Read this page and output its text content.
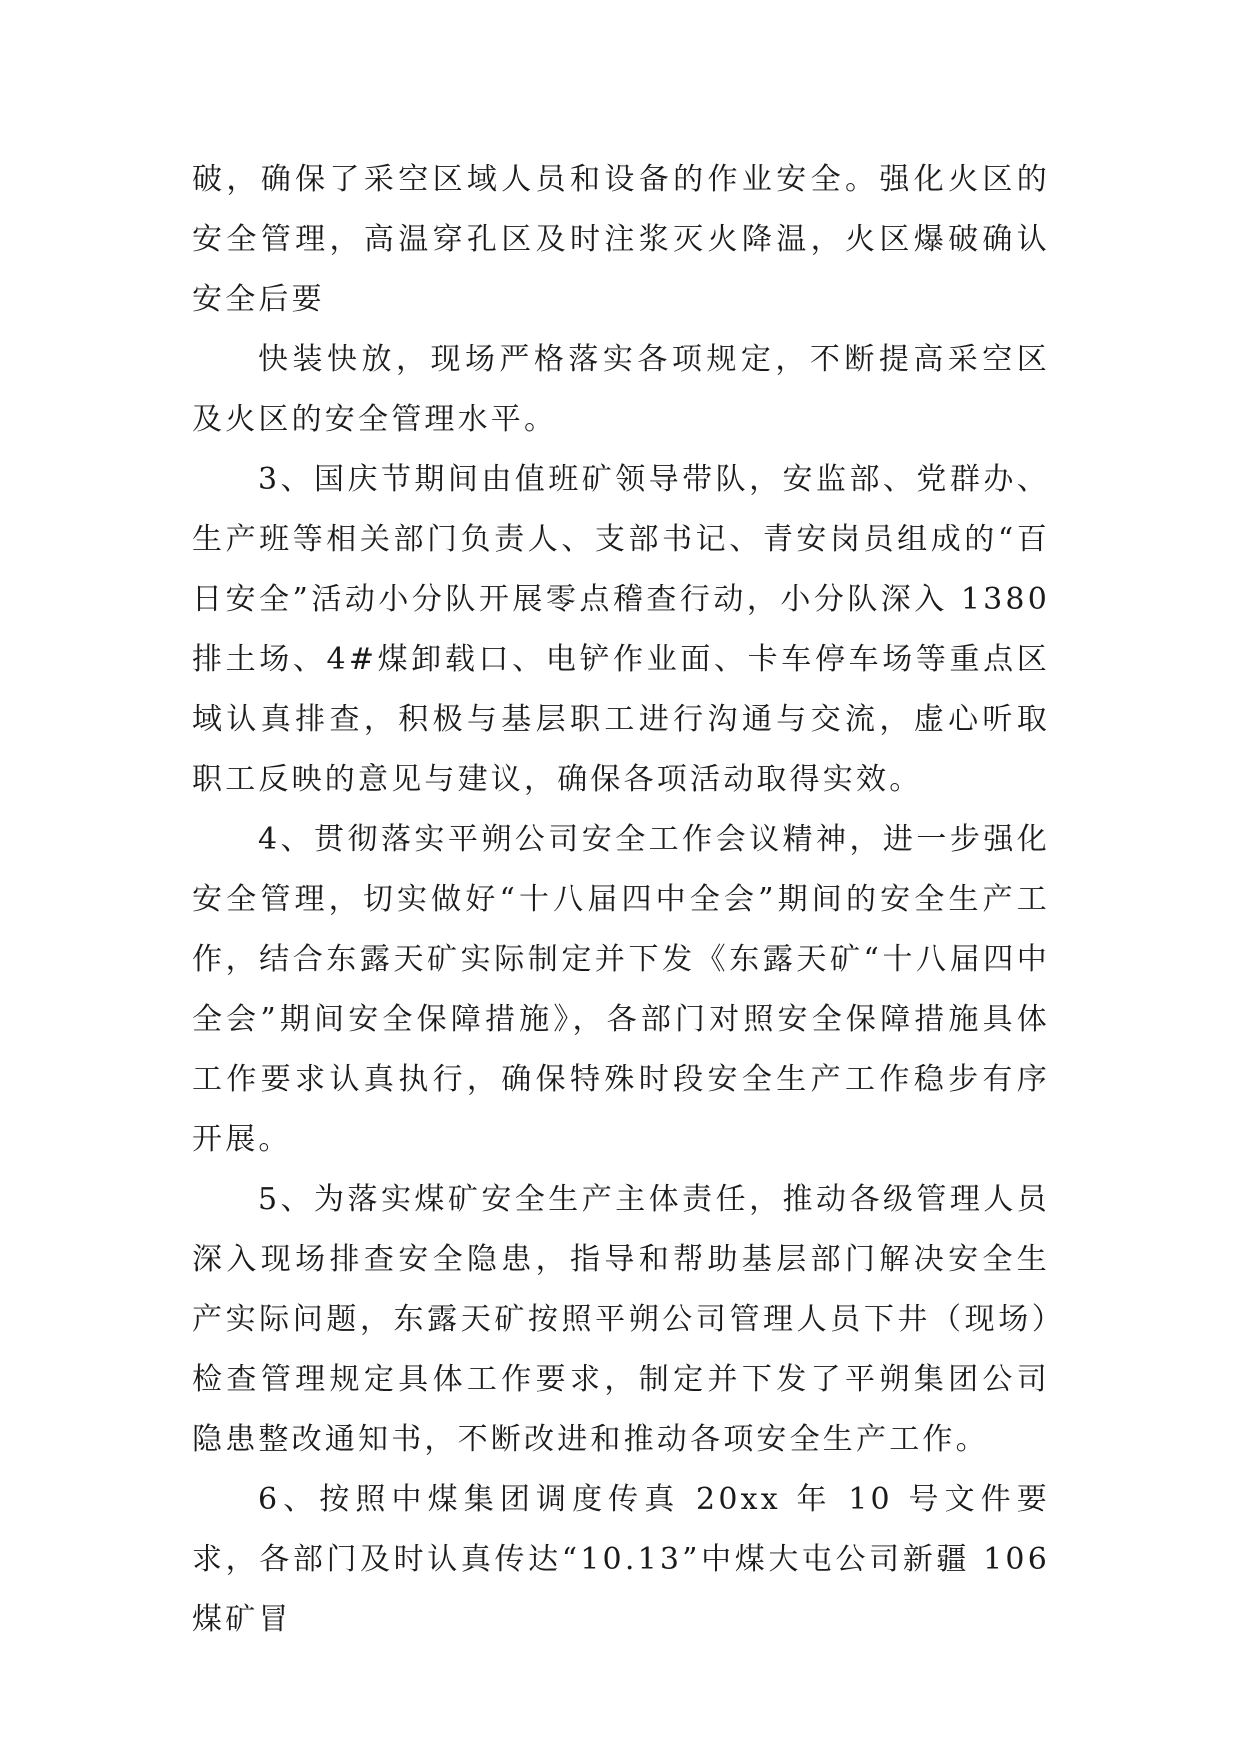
破，确保了采空区域人员和设备的作业安全。强化火区的安全管理，高温穿孔区及时注浆灭火降温，火区爆破确认安全后要

快装快放，现场严格落实各项规定，不断提高采空区及火区的安全管理水平。

3、国庆节期间由值班矿领导带队，安监部、党群办、生产班等相关部门负责人、支部书记、青安岗员组成的“百日安全”活动小分队开展零点稽查行动，小分队深入 1380 排土场、4#煤卸载口、电铲作业面、卡车停车场等重点区域认真排查，积极与基层职工进行沟通与交流，虚心听取职工反映的意见与建议，确保各项活动取得实效。

4、贯彻落实平朔公司安全工作会议精神，进一步强化安全管理，切实做好“十八届四中全会”期间的安全生产工作，结合东露天矿实际制定并下发《东露天矿“十八届四中全会”期间安全保障措施》，各部门对照安全保障措施具体工作要求认真执行，确保特殊时段安全生产工作稳步有序开展。

5、为落实煤矿安全生产主体责任，推动各级管理人员深入现场排查安全隐患，指导和帮助基层部门解决安全生产实际问题，东露天矿按照平朔公司管理人员下井（现场）检查管理规定具体工作要求，制定并下发了平朔集团公司隐患整改通知书，不断改进和推动各项安全生产工作。

6、按照中煤集团调度传真 20xx 年 10 号文件要求，各部门及时认真传达“10.13”中煤大屯公司新疆 106 煤矿冒
